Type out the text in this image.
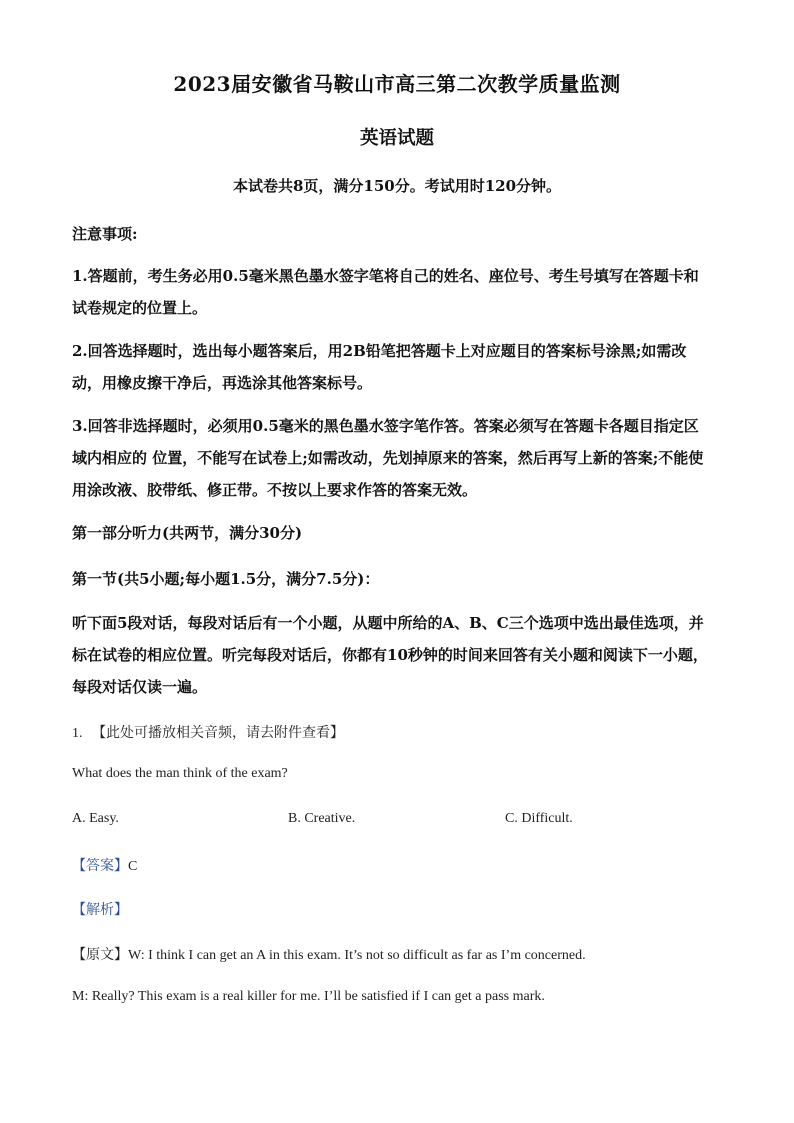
2023届安徽省马鞍山市高三第二次教学质量监测
英语试题
本试卷共8页，满分150分。考试用时120分钟。
注意事项:
1.答题前，考生务必用0.5毫米黑色墨水签字笔将自己的姓名、座位号、考生号填写在答题卡和试卷规定的位置上。
2.回答选择题时，选出每小题答案后，用2B铅笔把答题卡上对应题目的答案标号涂黑;如需改动，用橡皮擦干净后，再选涂其他答案标号。
3.回答非选择题时，必须用0.5毫米的黑色墨水签字笔作答。答案必须写在答题卡各题目指定区域内相应的 位置，不能写在试卷上;如需改动，先划掉原来的答案，然后再写上新的答案;不能使用涂改液、胶带纸、修正带。不按以上要求作答的答案无效。
第一部分听力(共两节，满分30分)
第一节(共5小题;每小题1.5分，满分7.5分)：
听下面5段对话，每段对话后有一个小题，从题中所给的A、B、C三个选项中选出最佳选项，并标在试卷的相应位置。听完每段对话后，你都有10秒钟的时间来回答有关小题和阅读下一小题，每段对话仅读一遍。
1. 【此处可播放相关音频，请去附件查看】
What does the man think of the exam?
A. Easy.	B. Creative.	C. Difficult.
【答案】C
【解析】
【原文】W: I think I can get an A in this exam. It’s not so difficult as far as I’m concerned.
M: Really? This exam is a real killer for me. I’ll be satisfied if I can get a pass mark.
